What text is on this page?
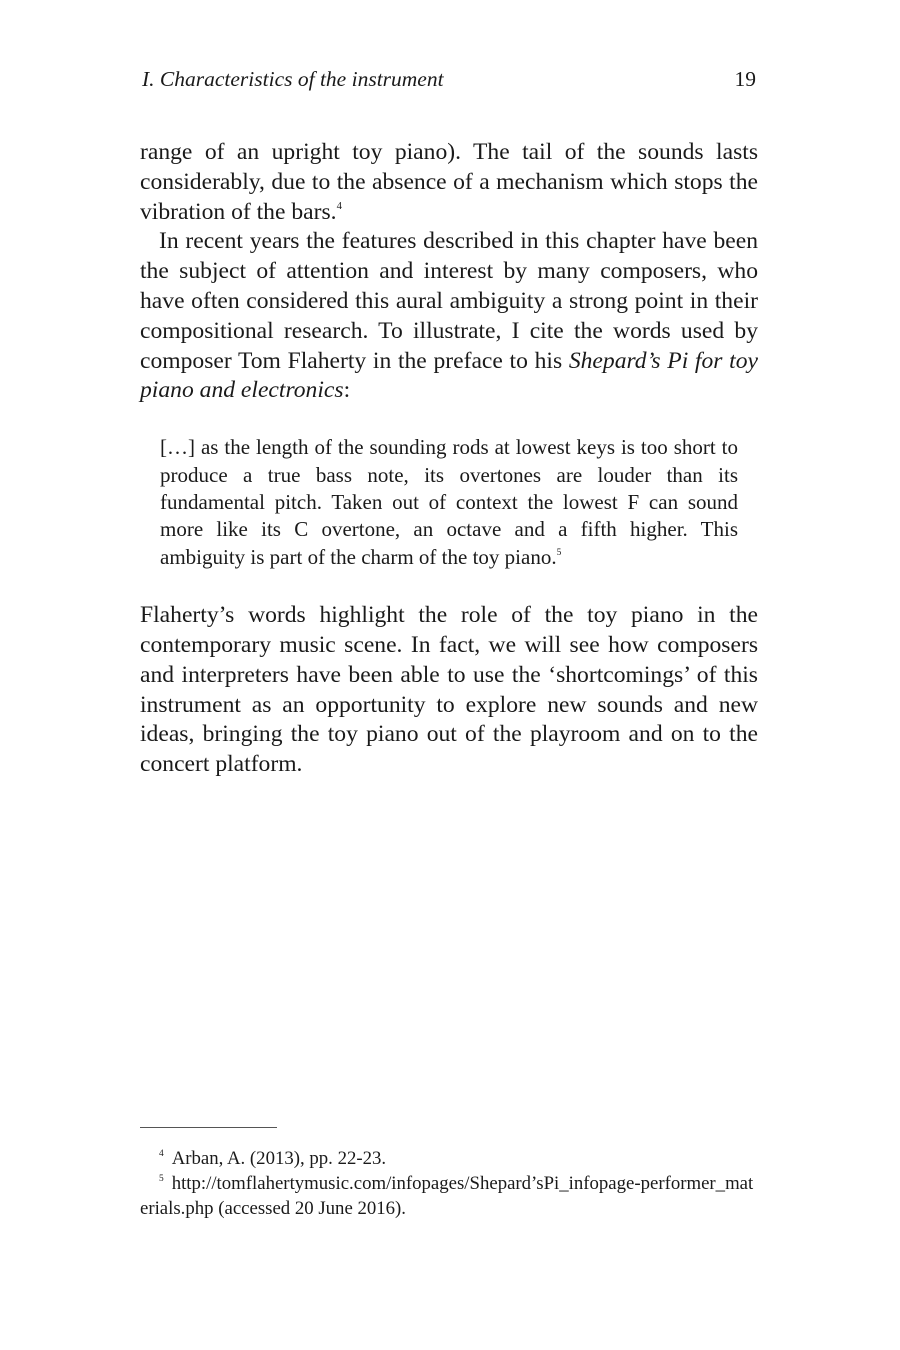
I. Characteristics of the instrument	19

range of an upright toy piano). The tail of the sounds lasts considerably, due to the absence of a mechanism which stops the vibration of the bars.$^4$

In recent years the features described in this chapter have been the subject of attention and interest by many composers, who have often considered this aural ambiguity a strong point in their compositional research. To illustrate, I cite the words used by composer Tom Flaherty in the preface to his Shepard’s Pi for toy piano and electronics:

[…] as the length of the sounding rods at lowest keys is too short to produce a true bass note, its overtones are louder than its fundamental pitch. Taken out of context the lowest F can sound more like its C overtone, an octave and a fifth higher. This ambiguity is part of the charm of the toy piano.$^5$

Flaherty’s words highlight the role of the toy piano in the contemporary music scene. In fact, we will see how composers and interpreters have been able to use the ‘shortcomings’ of this instrument as an opportunity to explore new sounds and new ideas, bringing the toy piano out of the playroom and on to the concert platform.

$^4$ Arban, A. (2013), pp. 22-23.

$^5$ http://tomflahertymusic.com/infopages/Shepard’sPi_infopage-performer_materials.php (accessed 20 June 2016).
